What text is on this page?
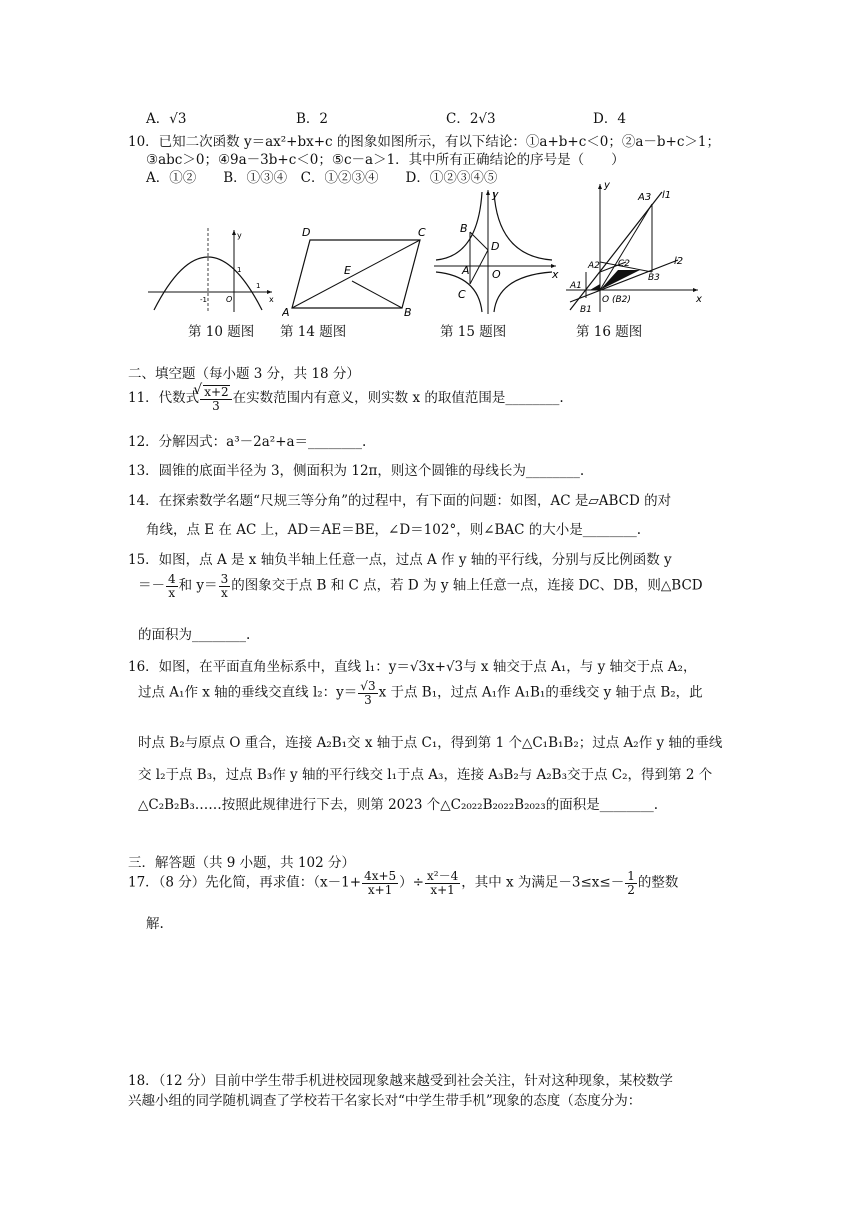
A．√3	B．2	C．2√3	D．4
10．已知二次函数 y＝ax²+bx+c 的图象如图所示，有以下结论：①a+b+c＜0；②a－b+c＞1；
③abc＞0；④9a－3b+c＜0；⑤c－a＞1．其中所有正确结论的序号是（　　）
A．①②　　B．①③④　C．①②③④　　D．①②③④⑤
y
x
1
-1 O
1
A	B
C
D
E
B
A
C
D
O	x
y
y
x
A3 l1
l2
A2 C2
B3
A1
B1
O (B2)
第 10 题图 第 14 题图	第 15 题图	第 16 题图
二、填空题（每小题 3 分，共 18 分）
11．代数式
√ $\frac{x+2}{3}$ 在实数范围内有意义，则实数 x 的取值范围是________.
12．分解因式：a³－2a²+a＝________.
13．圆锥的底面半径为 3，侧面积为 12π，则这个圆锥的母线长为________.
14．在探索数学名题“尺规三等分角”的过程中，有下面的问题：如图，AC 是▱ABCD 的对
角线，点 E 在 AC 上，AD＝AE＝BE，∠D＝102°，则∠BAC 的大小是________.
15．如图，点 A 是 x 轴负半轴上任意一点，过点 A 作 y 轴的平行线，分别与反比例函数 y
＝－ $\frac{4}{x}$ 和 $y= \frac{3}{x}$ 的图象交于点 B 和 C 点，若 D 为 y 轴上任意一点，连接 DC、DB，则△BCD
的面积为________.
16．如图，在平面直角坐标系中，直线 l₁：y＝√3x+√3与 x 轴交于点 A₁，与 y 轴交于点 A₂，
过点 A₁作 x 轴的垂线交直线 l₂：$y= \frac{√3}{3}$ x 于点 B₁，过点 A₁作 A₁B₁的垂线交 y 轴于点 B₂，此
时点 B₂与原点 O 重合，连接 A₂B₁交 x 轴于点 C₁，得到第 1 个△C₁B₁B₂；过点 A₂作 y 轴的垂线
交 l₂于点 B₃，过点 B₃作 y 轴的平行线交 l₁于点 A₃，连接 A₃B₂与 A₂B₃交于点 C₂，得到第 2 个
△C₂B₂B₃……按照此规律进行下去，则第 2023 个△C₂₀₂₂B₂₀₂₂B₂₀₂₃的面积是________.
三．解答题（共 9 小题，共 102 分）
17．（8 分）先化简，再求值：（$x-1+ \frac{4x+5}{x+1}$ ）÷ $\frac{\text{x²－4}}{x+1}$ ，其中 x 为满足$-3\le x\le- \frac{1}{2}$ 的整数
解.
18．（12 分）目前中学生带手机进校园现象越来越受到社会关注，针对这种现象，某校数学
兴趣小组的同学随机调查了学校若干名家长对“中学生带手机”现象的态度（态度分为：
